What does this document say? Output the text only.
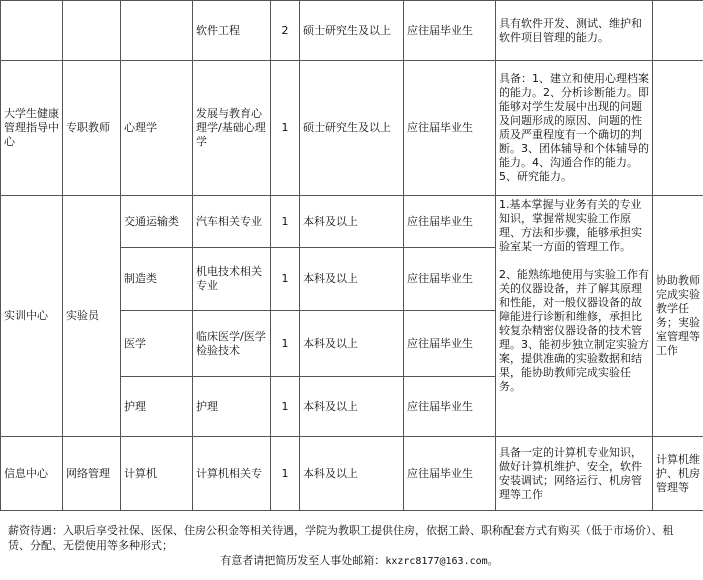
			软件工程	2	硕士研究生及以上	应往届毕业生	具有软件开发、测试、维护和软件项目管理的能力。	
大学生健康管理指导中心	专职教师	心理学	发展与教育心理学/基础心理学	1	硕士研究生及以上	应往届毕业生	具备：1、建立和使用心理档案的能力。2、分析诊断能力。即能够对学生发展中出现的问题及问题形成的原因、问题的性质及严重程度有一个确切的判断。3、团体辅导和个体辅导的能力。4、沟通合作的能力。5、研究能力。	
实训中心	实验员	交通运输类	汽车相关专业	1	本科及以上	应往届毕业生	1.基本掌握与业务有关的专业知识，掌握常规实验工作原理、方法和步骤，能够承担实验室某一方面的管理工作。

2、能熟练地使用与实验工作有关的仪器设备，并了解其原理和性能，对一般仪器设备的故障能进行诊断和维修，承担比较复杂精密仪器设备的技术管理。3、能初步独立制定实验方案，提供准确的实验数据和结果，能协助教师完成实验任务。	协助教师完成实验教学任务；実验室管理等工作
		制造类	机电技术相关专业	1	本科及以上	应往届毕业生		
		医学	临床医学/医学检验技术	1	本科及以上	应往届毕业生		
		护理	护理	1	本科及以上	应往届毕业生		
信息中心	网络管理	计算机	计算机相关专	1	本科及以上	应往届毕业生	具备一定的计算机专业知识，做好计算机维护、安全，软件安装调试；网络运行、机房管理等工作	计算机维护、机房管理等

薪资待遇：入职后享受社保、医保、住房公积金等相关待遇，学院为教职工提供住房，依据工龄、职称配套方式有购买（低于市场价）、租赁、分配、无偿使用等多种形式；

有意者请把简历发至人事处邮箱：kxzrc8177@163.com。
